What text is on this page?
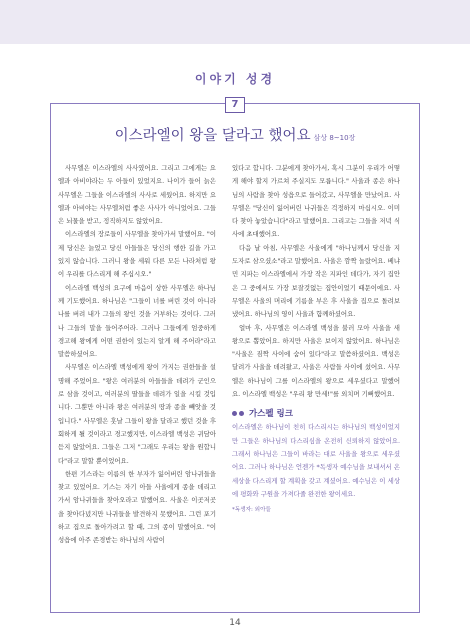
이야기 성경
7
이스라엘이 왕을 달라고 했어요 삼상 8~10장

사무엘은 이스라엘의 사사였어요. 그리고 그에게는 요엘과 아비야라는 두 아들이 있었지요. 나이가 들어 늙은 사무엘은 그들을 이스라엘의 사사로 세웠어요. 하지만 요엘과 아비야는 사무엘처럼 좋은 사사가 아니었어요. 그들은 뇌물을 받고, 정직하지도 않았어요.

이스라엘의 장로들이 사무엘을 찾아가서 말했어요. "이제 당신은 늙었고 당신 아들들은 당신의 행한 길을 가고 있지 않습니다. 그러니 왕을 세워 다른 모든 나라처럼 왕이 우리를 다스리게 해 주십시오."

이스라엘 백성의 요구에 마음이 상한 사무엘은 하나님께 기도했어요. 하나님은 "그들이 너를 버린 것이 아니라 나를 버려 내가 그들의 왕인 것을 거부하는 것이다. 그러나 그들의 말을 들어주어라. 그러나 그들에게 엄중하게 경고해 왕에게 어떤 권한이 있는지 알게 해 주어라"라고 말씀하셨어요.

사무엘은 이스라엘 백성에게 왕이 가지는 권한들을 설명해 주었어요. "왕은 여러분의 아들들을 데려가 군인으로 삼을 것이고, 여러분의 딸들을 데려가 일을 시킬 것입니다. 그뿐만 아니라 왕은 여러분의 땅과 종을 빼앗을 것입니다." 사무엘은 훗날 그들이 왕을 달라고 했던 것을 후회하게 될 것이라고 경고했지만, 이스라엘 백성은 귀담아듣지 않았어요. 그들은 그저 "그래도 우리는 왕을 원합니다"라고 말할 뿐이었어요.

한편 기스라는 이름의 한 부자가 잃어버린 암나귀들을 찾고 있었어요. 기스는 자기 아들 사울에게 종을 데리고 가서 암나귀들을 찾아오라고 말했어요. 사울은 이곳저곳을 찾아다녔지만 나귀들을 발견하지 못했어요. 그런 포기하고 집으로 돌아가려고 할 때, 그의 종이 말했어요. "이 성읍에 아주 존경받는 하나님의 사람이

있다고 합니다. 그분에게 찾아가서, 혹시 그분이 우리가 어떻게 해야 할지 가르쳐 주실지도 모릅니다." 사울과 종은 하나님의 사람을 찾아 성읍으로 들어갔고, 사무엘을 만났어요. 사무엘은 "당신이 잃어버린 나귀들은 걱정하지 마십시오. 이미 다 찾아 놓았습니다"라고 말했어요. 그리고는 그들을 저녁 식사에 초대했어요.

다음 날 아침, 사무엘은 사울에게 "하나님께서 당신을 지도자로 삼으셨소"라고 말했어요. 사울은 깜짝 놀랐어요. 베냐민 지파는 이스라엘에서 가장 작은 지파인 데다가, 자기 집안은 그 중에서도 가장 보잘것없는 집안이었기 때문이에요. 사무엘은 사울의 머리에 기름을 부은 후 사울을 집으로 돌려보냈어요. 하나님의 영이 사울과 함께하셨어요.

얼마 후, 사무엘은 이스라엘 백성을 불러 모아 사울을 새 왕으로 뽑았어요. 하지만 사울은 보이지 않았어요. 하나님은 "사울은 짐짝 사이에 숨어 있다"라고 말씀하셨어요. 백성은 달려가 사울을 데려왔고, 사울은 사람들 사이에 섰어요. 사무엘은 하나님이 그를 이스라엘의 왕으로 세우셨다고 말했어요. 이스라엘 백성은 "우리 왕 만세!"를 외치며 기뻐했어요.

가스펠 링크

이스라엘은 하나님이 친히 다스리시는 하나님의 백성이었지만 그들은 하나님의 다스리심을 온전히 신뢰하지 않았어요. 그래서 하나님은 그들이 바라는 대로 사울을 왕으로 세우셨어요. 그러나 하나님은 언젠가 *독생자 예수님을 보내셔서 온 세상을 다스리게 할 계획을 갖고 계셨어요. 예수님은 이 세상에 평화와 구원을 가져다줄 완전한 왕이세요.

*독생자: 외아들
14
